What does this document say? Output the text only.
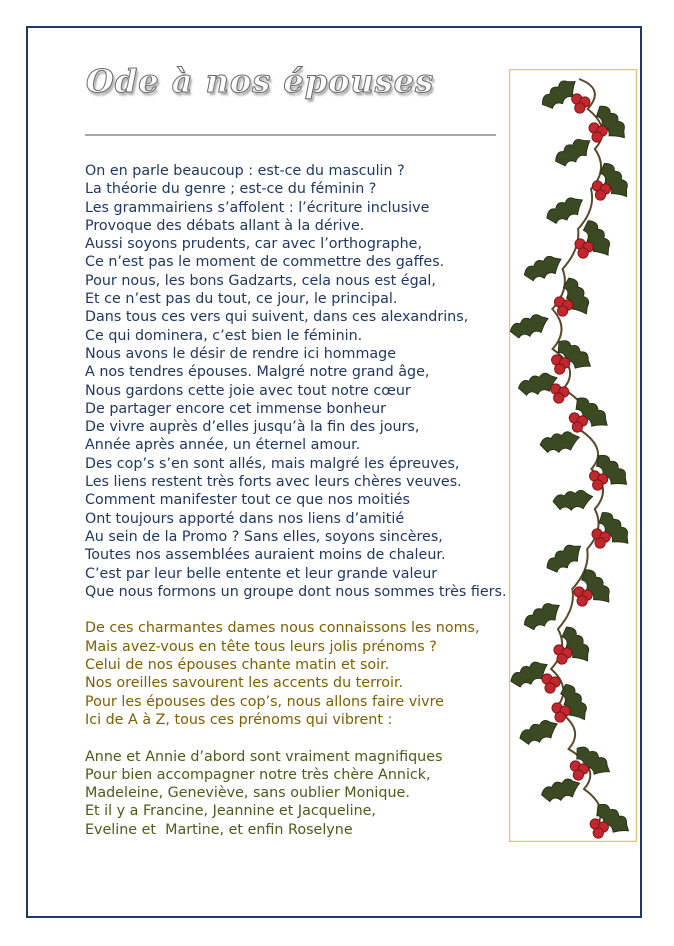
Ode à nos épouses
On en parle beaucoup : est-ce du masculin ?
La théorie du genre ; est-ce du féminin ?
Les grammairiens s’affolent : l’écriture inclusive
Provoque des débats allant à la dérive.
Aussi soyons prudents, car avec l’orthographe,
Ce n’est pas le moment de commettre des gaffes.
Pour nous, les bons Gadzarts, cela nous est égal,
Et ce n’est pas du tout, ce jour, le principal.
Dans tous ces vers qui suivent, dans ces alexandrins,
Ce qui dominera, c’est bien le féminin.
Nous avons le désir de rendre ici hommage
A nos tendres épouses. Malgré notre grand âge,
Nous gardons cette joie avec tout notre cœur
De partager encore cet immense bonheur
De vivre auprès d’elles jusqu’à la fin des jours,
Année après année, un éternel amour.
Des cop’s s’en sont allés, mais malgré les épreuves,
Les liens restent très forts avec leurs chères veuves.
Comment manifester tout ce que nos moitiés
Ont toujours apporté dans nos liens d’amitié
Au sein de la Promo ? Sans elles, soyons sincères,
Toutes nos assemblées auraient moins de chaleur.
C’est par leur belle entente et leur grande valeur
Que nous formons un groupe dont nous sommes très fiers.
De ces charmantes dames nous connaissons les noms,
Mais avez-vous en tête tous leurs jolis prénoms ?
Celui de nos épouses chante matin et soir.
Nos oreilles savourent les accents du terroir.
Pour les épouses des cop’s, nous allons faire vivre
Ici de A à Z, tous ces prénoms qui vibrent :
Anne et Annie d’abord sont vraiment magnifiques
Pour bien accompagner notre très chère Annick,
Madeleine, Geneviève, sans oublier Monique.
Et il y a Francine, Jeannine et Jacqueline,
Eveline et  Martine, et enfin Roselyne
